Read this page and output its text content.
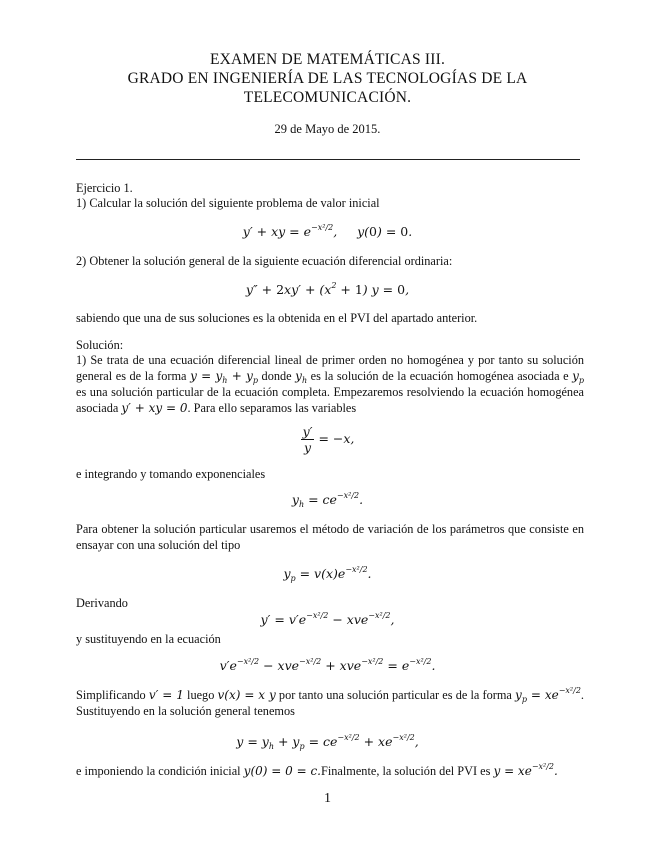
EXAMEN DE MATEMÁTICAS III.
GRADO EN INGENIERÍA DE LAS TECNOLOGÍAS DE LA
TELECOMUNICACIÓN.
29 de Mayo de 2015.
Ejercicio 1.
1) Calcular la solución del siguiente problema de valor inicial
y′ + xy = $e^{-x^2/2}$,     y(0) = 0.
2) Obtener la solución general de la siguiente ecuación diferencial ordinaria:
$y'' + 2xy' + (x^2 + 1) y = 0$,
sabiendo que una de sus soluciones es la obtenida en el PVI del apartado anterior.
Solución:
1) Se trata de una ecuación diferencial lineal de primer orden no homogénea y por tanto su solución general es de la forma $y = y_h + y_p$ donde $y_h$ es la solución de la ecuación homogénea asociada e $y_p$ es una solución particular de la ecuación completa. Empezaremos resolviendo la ecuación homogénea asociada y′ + xy = 0. Para ello separamos las variables
$\frac{y'}{y} = -x$,
e integrando y tomando exponenciales
$y_h = ce^{-x^2/2}$.
Para obtener la solución particular usaremos el método de variación de los parámetros que consiste en ensayar con una solución del tipo
$y_p = v(x)e^{-x^2/2}$.
Derivando
$y' = v'e^{-x^2/2} - xve^{-x^2/2}$,
y sustituyendo en la ecuación
$v'e^{-x^2/2} - xve^{-x^2/2} + xve^{-x^2/2} = e^{-x^2/2}$.
Simplificando v′ = 1 luego v(x) = x y por tanto una solución particular es de la forma $y_p = xe^{-x^2/2}$. Sustituyendo en la solución general tenemos
$y = y_h + y_p = ce^{-x^2/2} + xe^{-x^2/2}$,
e imponiendo la condición inicial y(0) = 0 = c.Finalmente, la solución del PVI es $y = xe^{-x^2/2}$.
1
